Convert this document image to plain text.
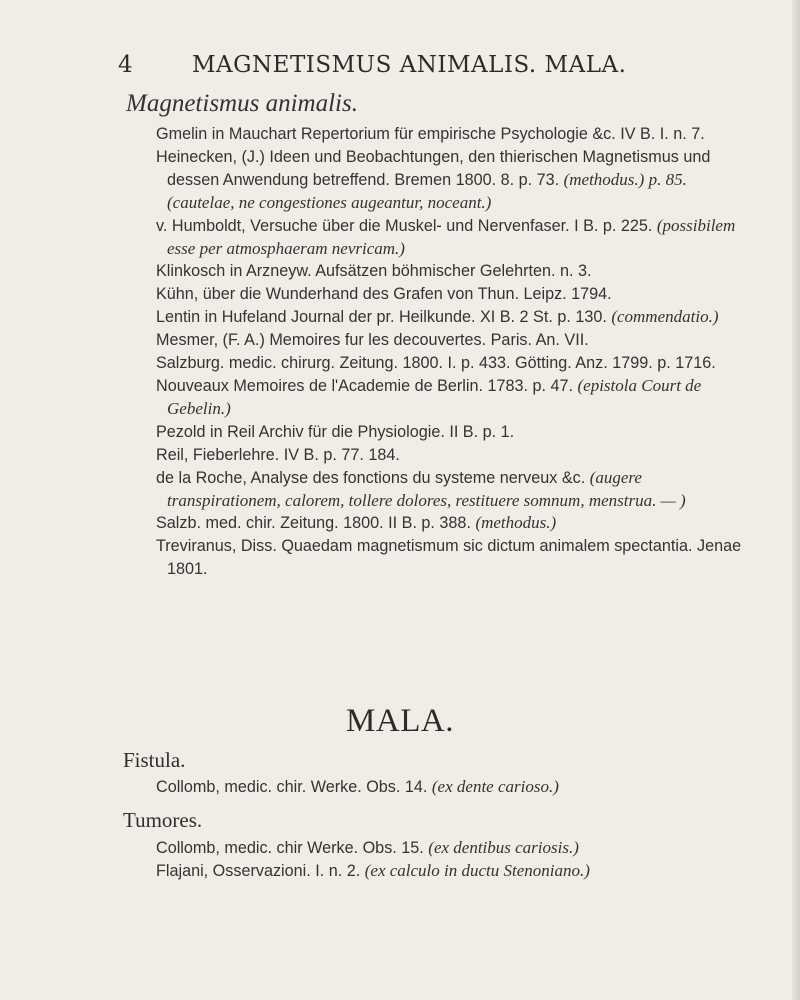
4	MAGNETISMUS ANIMALIS. MALA.
Magnetismus animalis.

Gmelin in Mauchart Repertorium für empirische Psychologie &c. IV B. I. n. 7.

Heinecken, (J.) Ideen und Beobachtungen, den thierischen Magnetismus und dessen Anwendung betreffend. Bremen 1800. 8. p. 73. (methodus.) p. 85. (cautelae, ne congestiones augeantur, noceant.)

v. Humboldt, Versuche über die Muskel- und Nervenfaser. I B. p. 225. (possibilem esse per atmosphaeram nevricam.)

Klinkosch in Arzneyw. Aufsätzen böhmischer Gelehrten. n. 3.

Kühn, über die Wunderhand des Grafen von Thun. Leipz. 1794.

Lentin in Hufeland Journal der pr. Heilkunde. XI B. 2 St. p. 130. (commendatio.)

Mesmer, (F. A.) Memoires fur les decouvertes. Paris. An. VII.

Salzburg. medic. chirurg. Zeitung. 1800. I. p. 433. Götting. Anz. 1799. p. 1716.

Nouveaux Memoires de l'Academie de Berlin. 1783. p. 47. (epistola Court de Gebelin.)

Pezold in Reil Archiv für die Physiologie. II B. p. 1.

Reil, Fieberlehre. IV B. p. 77. 184.

de la Roche, Analyse des fonctions du systeme nerveux &c. (augere transpirationem, calorem, tollere dolores, restituere somnum, menstrua. — )

Salzb. med. chir. Zeitung. 1800. II B. p. 388. (methodus.)

Treviranus, Diss. Quaedam magnetismum sic dictum animalem spectantia. Jenae 1801.

MALA.
Fistula.

Collomb, medic. chir. Werke. Obs. 14. (ex dente carioso.)

Tumores.

Collomb, medic. chir Werke. Obs. 15. (ex dentibus cariosis.)

Flajani, Osservazioni. I. n. 2. (ex calculo in ductu Stenoniano.)
